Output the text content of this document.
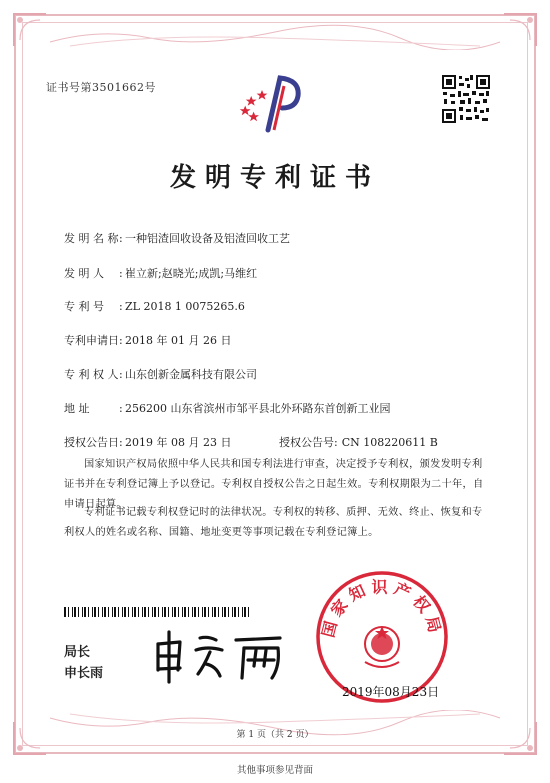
证书号第3501662号
发明专利证书
发 明 名 称: 一种铝渣回收设备及铝渣回收工艺
发 明 人 : 崔立新;赵晓光;成凯;马维红
专 利 号 : ZL 2018 1 0075265.6
专利申请日: 2018 年 01 月 26 日
专 利 权 人: 山东创新金属科技有限公司
地 址	: 256200 山东省滨州市邹平县北外环路东首创新工业园
授权公告日: 2019 年 08 月 23 日	授权公告号: CN 108220611 B
国家知识产权局依照中华人民共和国专利法进行审查，决定授予专利权，颁发发明专利证书并在专利登记簿上予以登记。专利权自授权公告之日起生效。专利权期限为二十年，自申请日起算。
专利证书记载专利权登记时的法律状况。专利权的转移、质押、无效、终止、恢复和专利权人的姓名或名称、国籍、地址变更等事项记载在专利登记簿上。
局长
申长雨
国家知识产权局
2019年08月23日
第 1 页（共 2 页）
其他事项参见背面
